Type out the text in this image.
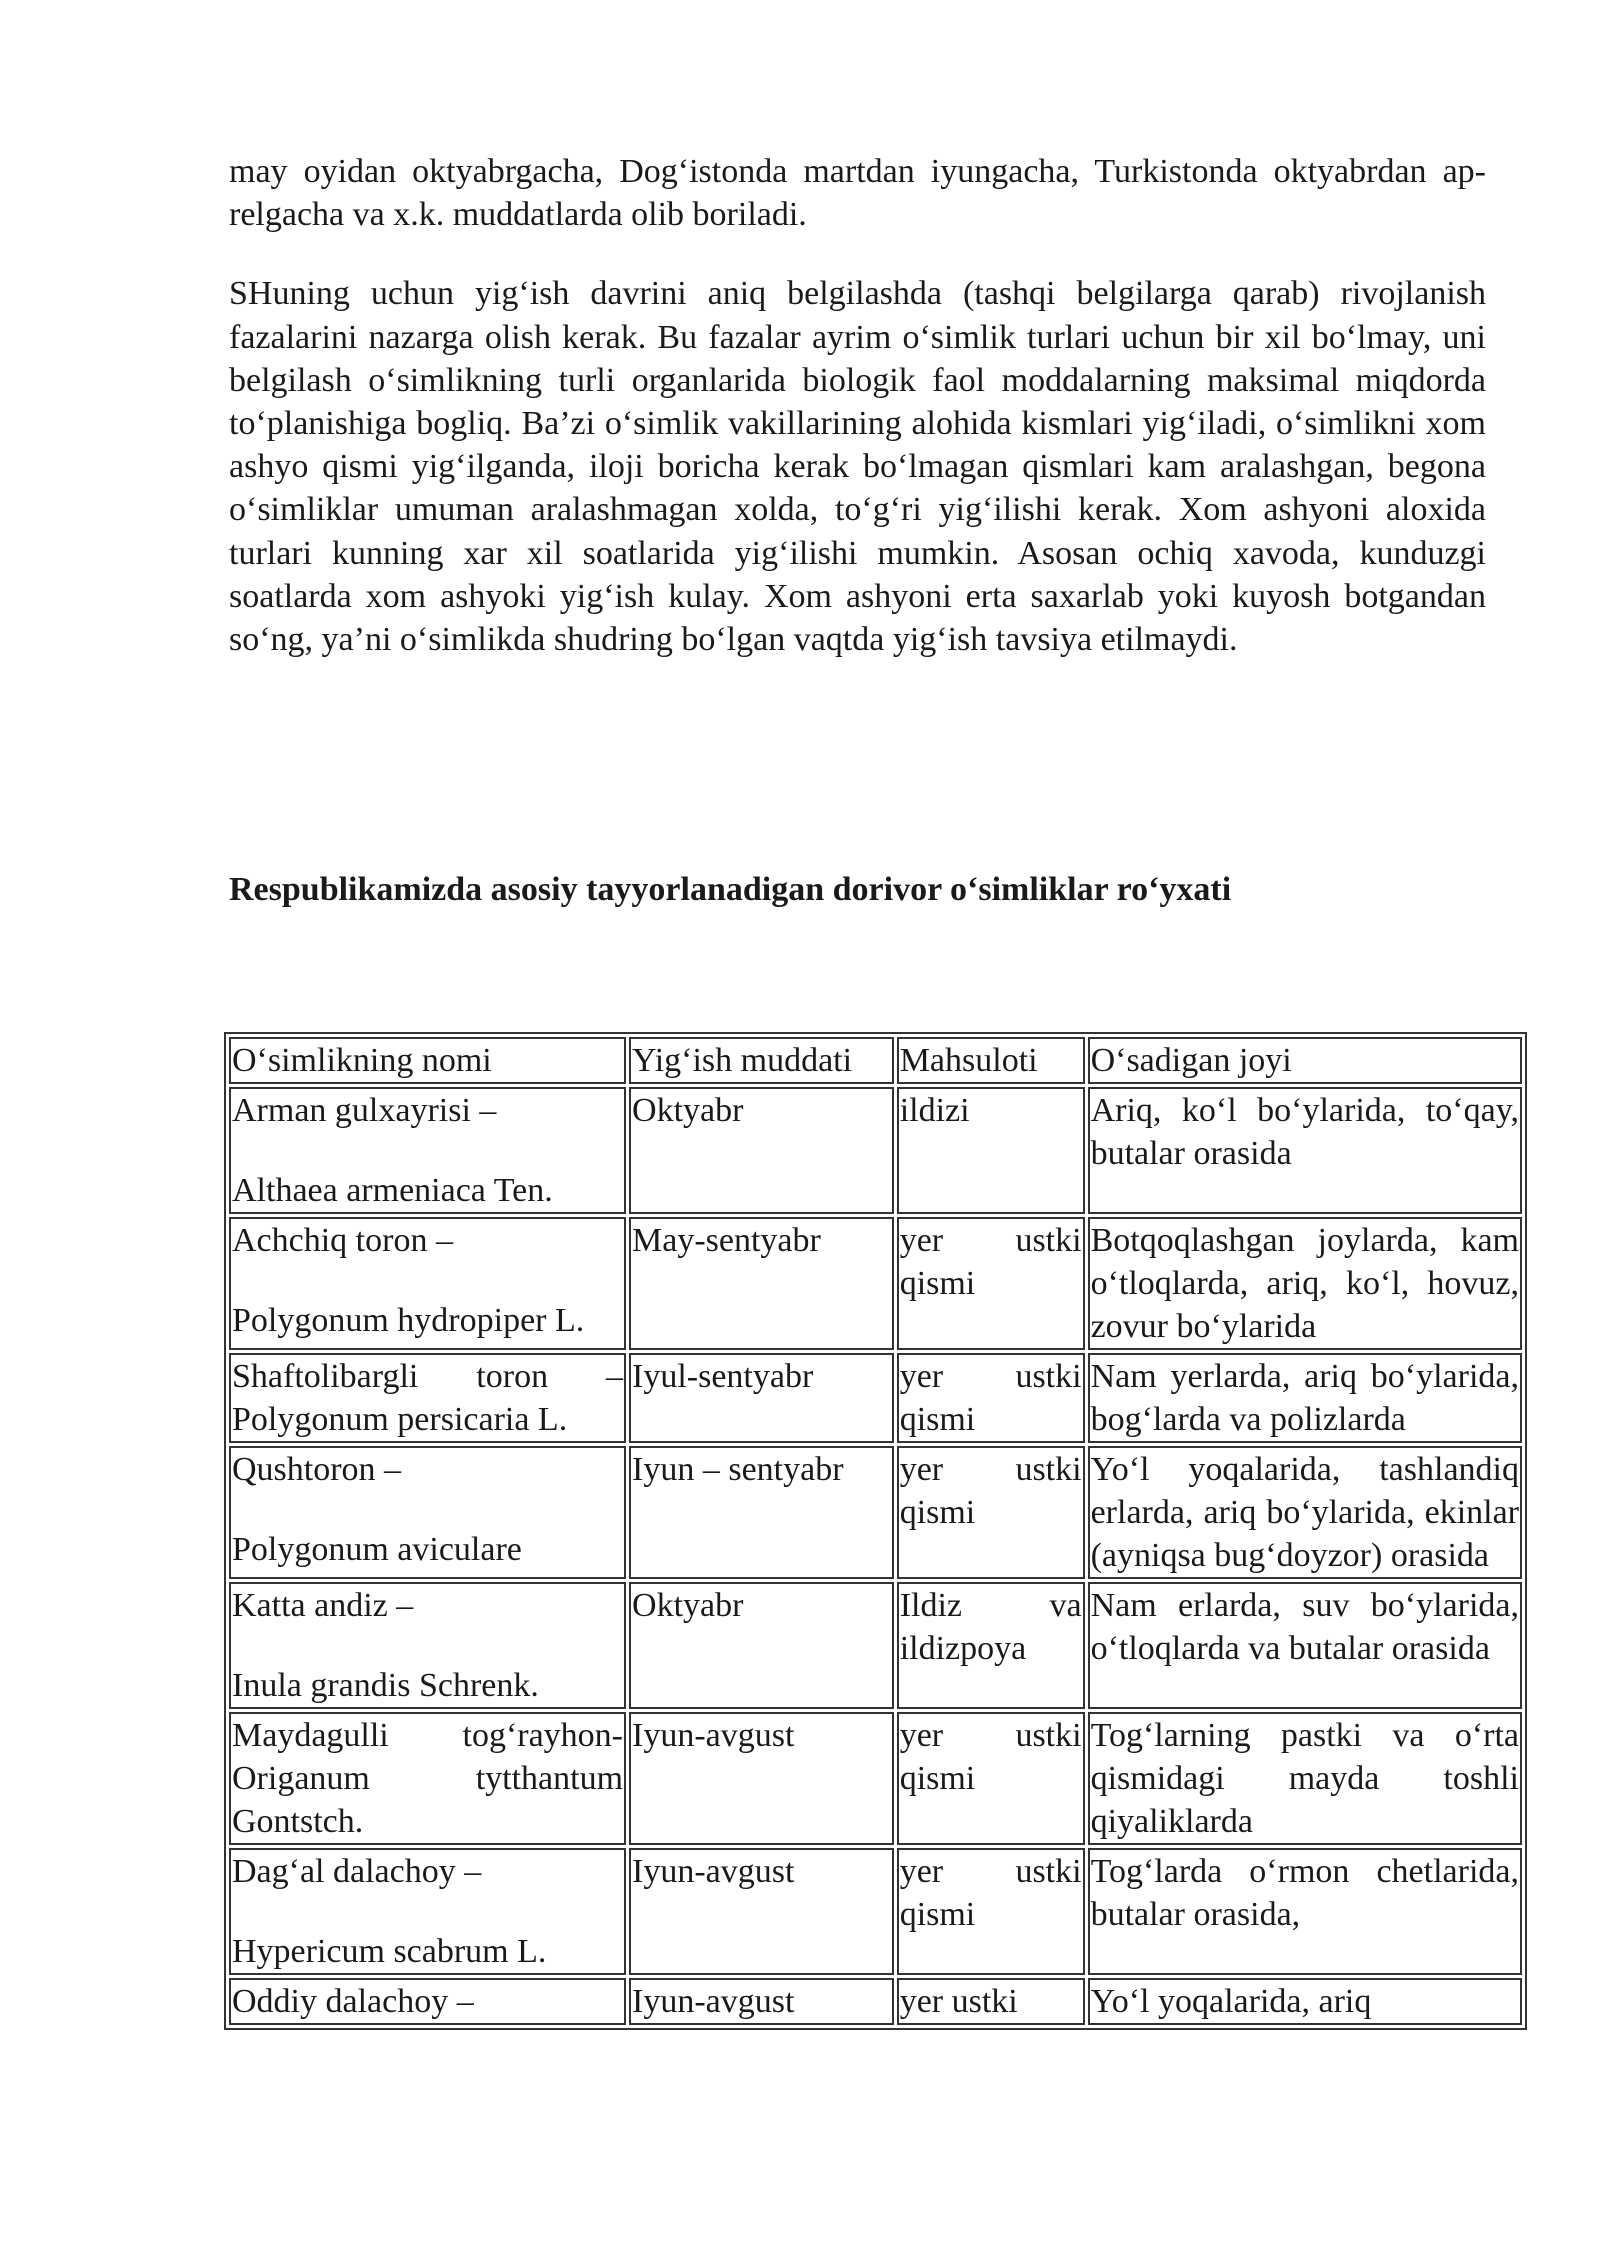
may oyidan oktyabrgacha, Dog‘istonda martdan iyungacha, Turkistonda oktyabrdan ap-relgacha va x.k. muddatlarda olib boriladi.

SHuning uchun yig‘ish davrini aniq belgilashda (tashqi belgilarga qarab) rivojlanish fazalarini nazarga olish kerak. Bu fazalar ayrim o‘simlik turlari uchun bir xil bo‘lmay, uni belgilash o‘simlikning turli organlarida biologik faol moddalarning maksimal miqdorda to‘planishiga bogliq. Ba’zi o‘simlik vakillarining alohida kismlari yig‘iladi, o‘simlikni xom ashyo qismi yig‘ilganda, iloji boricha kerak bo‘lmagan qismlari kam aralashgan, begona o‘simliklar umuman aralashmagan xolda, to‘g‘ri yig‘ilishi kerak. Xom ashyoni aloxida turlari kunning xar xil soatlarida yig‘ilishi mumkin. Asosan ochiq xavoda, kunduzgi soatlarda xom ashyoki yig‘ish kulay. Xom ashyoni erta saxarlab yoki kuyosh botgandan so‘ng, ya’ni o‘simlikda shudring bo‘lgan vaqtda yig‘ish tavsiya etilmaydi.

Respublikamizda asosiy tayyorlanadigan dorivor o‘simliklar ro‘yxati
O‘simlikning nomi	Yig‘ish muddati	Mahsuloti	O‘sadigan joyi
Arman gulxayrisi –
Althaea armeniaca Ten.	Oktyabr	ildizi	Ariq, ko‘l bo‘ylarida, to‘qay, butalar orasida
Achchiq toron –
Polygonum hydropiper L.	May-sentyabr	yer ustki qismi	Botqoqlashgan joylarda, kam o‘tloqlarda, ariq, ko‘l, hovuz, zovur bo‘ylarida
Shaftolibargli toron – Polygonum persicaria L.	Iyul-sentyabr	yer ustki qismi	Nam yerlarda, ariq bo‘ylarida, bog‘larda va polizlarda
Qushtoron –
Polygonum aviculare	Iyun – sentyabr	yer ustki qismi	Yo‘l yoqalarida, tashlandiq erlarda, ariq bo‘ylarida, ekinlar (ayniqsa bug‘doyzor) orasida
Katta andiz –
Inula grandis Schrenk.	Oktyabr	Ildiz va ildizpoya	Nam erlarda, suv bo‘ylarida, o‘tloqlarda va butalar orasida
Maydagulli tog‘rayhon- Origanum tytthantum Gontstch.	Iyun-avgust	yer ustki qismi	Tog‘larning pastki va o‘rta qismidagi mayda toshli qiyaliklarda
Dag‘al dalachoy –
Hypericum scabrum L.	Iyun-avgust	yer ustki qismi	Tog‘larda o‘rmon chetlarida, butalar orasida,
Oddiy dalachoy –	Iyun-avgust	yer ustki	Yo‘l yoqalarida, ariq
